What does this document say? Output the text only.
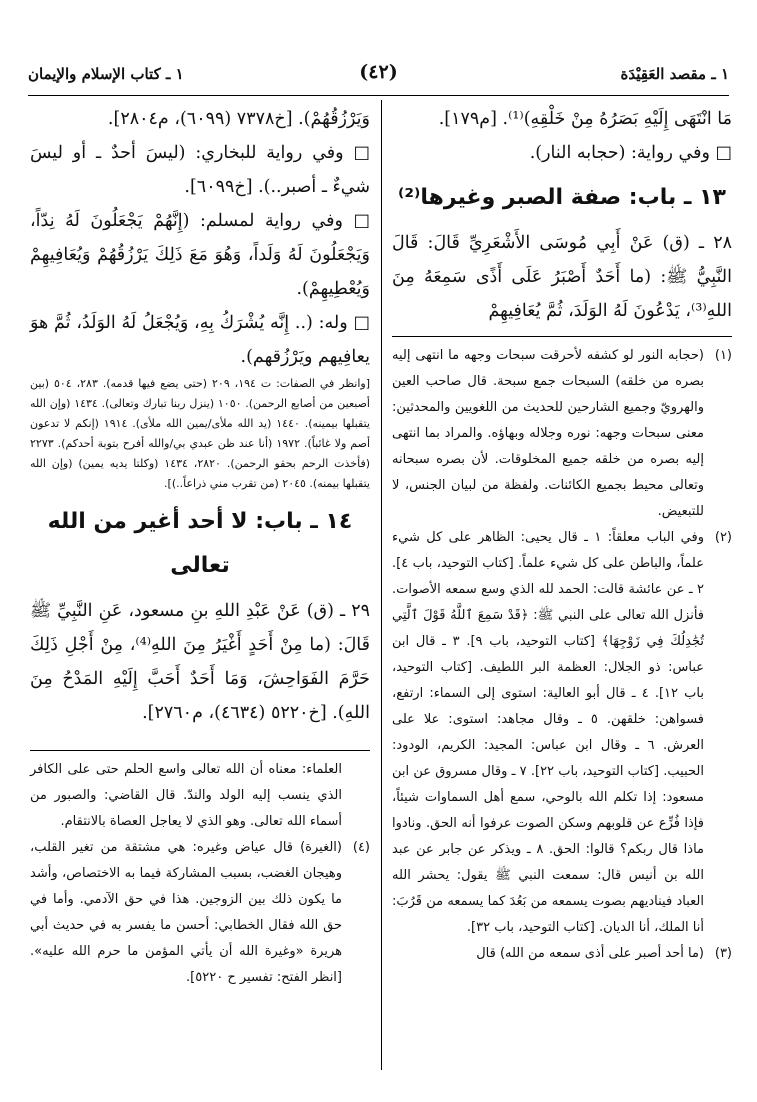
١ ـ مقصد العَقِيْدَة
(٤٢)
١ ـ كتاب الإسلام والإيمان

مَا انْتَهَى إِلَيْهِ بَصَرُهُ مِنْ خَلْقِهِ)⁽¹⁾. [م١٧٩].

□ وفي رواية: (حجابه النار).

١٣ ـ باب: صفة الصبر وغيرها⁽²⁾

٢٨ ـ (ق) عَنْ أَبِي مُوسَى الأَشْعَرِيِّ قَالَ: قَالَ النَّبِيُّ ﷺ: (ما أَحَدٌ أَصْبَرُ عَلَى أَذًى سَمِعَهُ مِنَ اللهِ⁽³⁾، يَدْعُونَ لَهُ الوَلَدَ، ثُمَّ يُعَافِيهِمْ

(١)
(حجابه النور لو كشفه لأحرقت سبحات وجهه ما انتهى إليه بصره من خلقه) السبحات جمع سبحة. قال صاحب العين والهرويّ وجميع الشارحين للحديث من اللغويين والمحدثين: معنى سبحات وجهه: نوره وجلاله وبهاؤه. والمراد بما انتهى إليه بصره من خلقه جميع المخلوقات. لأن بصره سبحانه وتعالى محيط بجميع الكائنات. ولفظة من لبيان الجنس، لا للتبعيض.

(٢)
وفي الباب معلقاً: ١ ـ قال يحيى: الظاهر على كل شيء علماً، والباطن على كل شيء علماً. [كتاب التوحيد، باب ٤]. ٢ ـ عن عائشة قالت: الحمد لله الذي وسع سمعه الأصوات. فأنزل الله تعالى على النبي ﷺ: ﴿قَدْ سَمِعَ ٱللَّهُ قَوْلَ ٱلَّتِي تُجَٰدِلُكَ فِي زَوْجِهَا﴾ [كتاب التوحيد، باب ٩]. ٣ ـ قال ابن عباس: ذو الجلال: العظمة البر اللطيف. [كتاب التوحيد، باب ١٢]. ٤ ـ قال أبو العالية: استوى إلى السماء: ارتفع، فسواهن: خلقهن. ٥ ـ وقال مجاهد: استوى: علا على العرش. ٦ ـ وقال ابن عباس: المجيد: الكريم، الودود: الحبيب. [كتاب التوحيد، باب ٢٢]. ٧ ـ وقال مسروق عن ابن مسعود: إذا تكلم الله بالوحي، سمع أهل السماوات شيئاً، فإذا فُزِّع عن قلوبهم وسكن الصوت عرفوا أنه الحق. ونادوا ماذا قال ربكم؟ قالوا: الحق. ٨ ـ ويذكر عن جابر عن عبد الله بن أنيس قال: سمعت النبي ﷺ يقول: يحشر الله العباد فيناديهم بصوت يسمعه من بَعُدَ كما يسمعه من قَرُبَ: أنا الملك، أنا الديان. [كتاب التوحيد، باب ٣٢].

(٣)
(ما أحد أصبر على أذى سمعه من الله) قال

وَيَرْزُقُهُمْ). [خ٧٣٧٨ (٦٠٩٩)، م٢٨٠٤].

□ وفي رواية للبخاري: (ليسَ أحدٌ ـ أو ليسَ شيءٌ ـ أصبر..). [خ٦٠٩٩].

□ وفي رواية لمسلم: (إِنَّهُمْ يَجْعَلُونَ لَهُ نِدّاً، وَيَجْعَلُونَ لَهُ وَلَداً، وَهُوَ مَعَ ذَلِكَ يَرْزُقُهُمْ وَيُعَافِيهِمْ وَيُعْطِيهِمْ).

□ وله: (.. إِنَّه يُشْرَكُ بِهِ، وَيُجْعَلُ لَهُ الوَلَدُ، ثُمَّ هوَ يعافِيهم ويَرْزُقهم).

[وانظر في الصفات: ت ١٩٤، ٢٠٩ (حتى يضع فيها قدمه). ٢٨٣، ٥٠٤ (بين أصبعين من أصابع الرحمن). ١٠٥٠ (ينزل ربنا تبارك وتعالى). ١٤٣٤ (وإن الله يتقبلها بيمينه). ١٤٤٠ (يد الله ملأى/يمين الله ملأى). ١٩١٤ (إنكم لا تدعون أصم ولا غائباً). ١٩٧٢ (أنا عند ظن عبدي بي/والله أفرح بتوبة أحدكم). ٢٢٧٣ (فأخذت الرحم بحقو الرحمن). ٢٨٢٠، ١٤٣٤ (وكلتا يديه يمين) (وإن الله يتقبلها بيمنه). ٢٠٤٥ (من تقرب مني ذراعاً..)].

١٤ ـ باب: لا أحد أغير من الله تعالى

٢٩ ـ (ق) عَنْ عَبْدِ اللهِ بنِ مسعود، عَنِ النَّبِيِّ ﷺ قَالَ: (ما مِنْ أَحَدٍ أَغْيَرُ مِنَ اللهِ⁽⁴⁾، مِنْ أَجْلِ ذَلِكَ حَرَّمَ الفَوَاحِشَ، وَمَا أَحَدٌ أَحَبَّ إِلَيْهِ المَدْحُ مِنَ اللهِ). [خ٥٢٢٠ (٤٦٣٤)، م٢٧٦٠].

العلماء: معناه أن الله تعالى واسع الحلم حتى على الكافر الذي ينسب إليه الولد والندّ. قال القاضي: والصبور من أسماء الله تعالى. وهو الذي لا يعاجل العصاة بالانتقام.

(٤)
(الغيرة) قال عياض وغيره: هي مشتقة من تغير القلب، وهيجان الغضب، بسبب المشاركة فيما به الاختصاص، وأشد ما يكون ذلك بين الزوجين. هذا في حق الآدمي. وأما في حق الله فقال الخطابي: أحسن ما يفسر به في حديث أبي هريرة «وغيرة الله أن يأتي المؤمن ما حرم الله عليه». [انظر الفتح: تفسير ح ٥٢٢٠].
